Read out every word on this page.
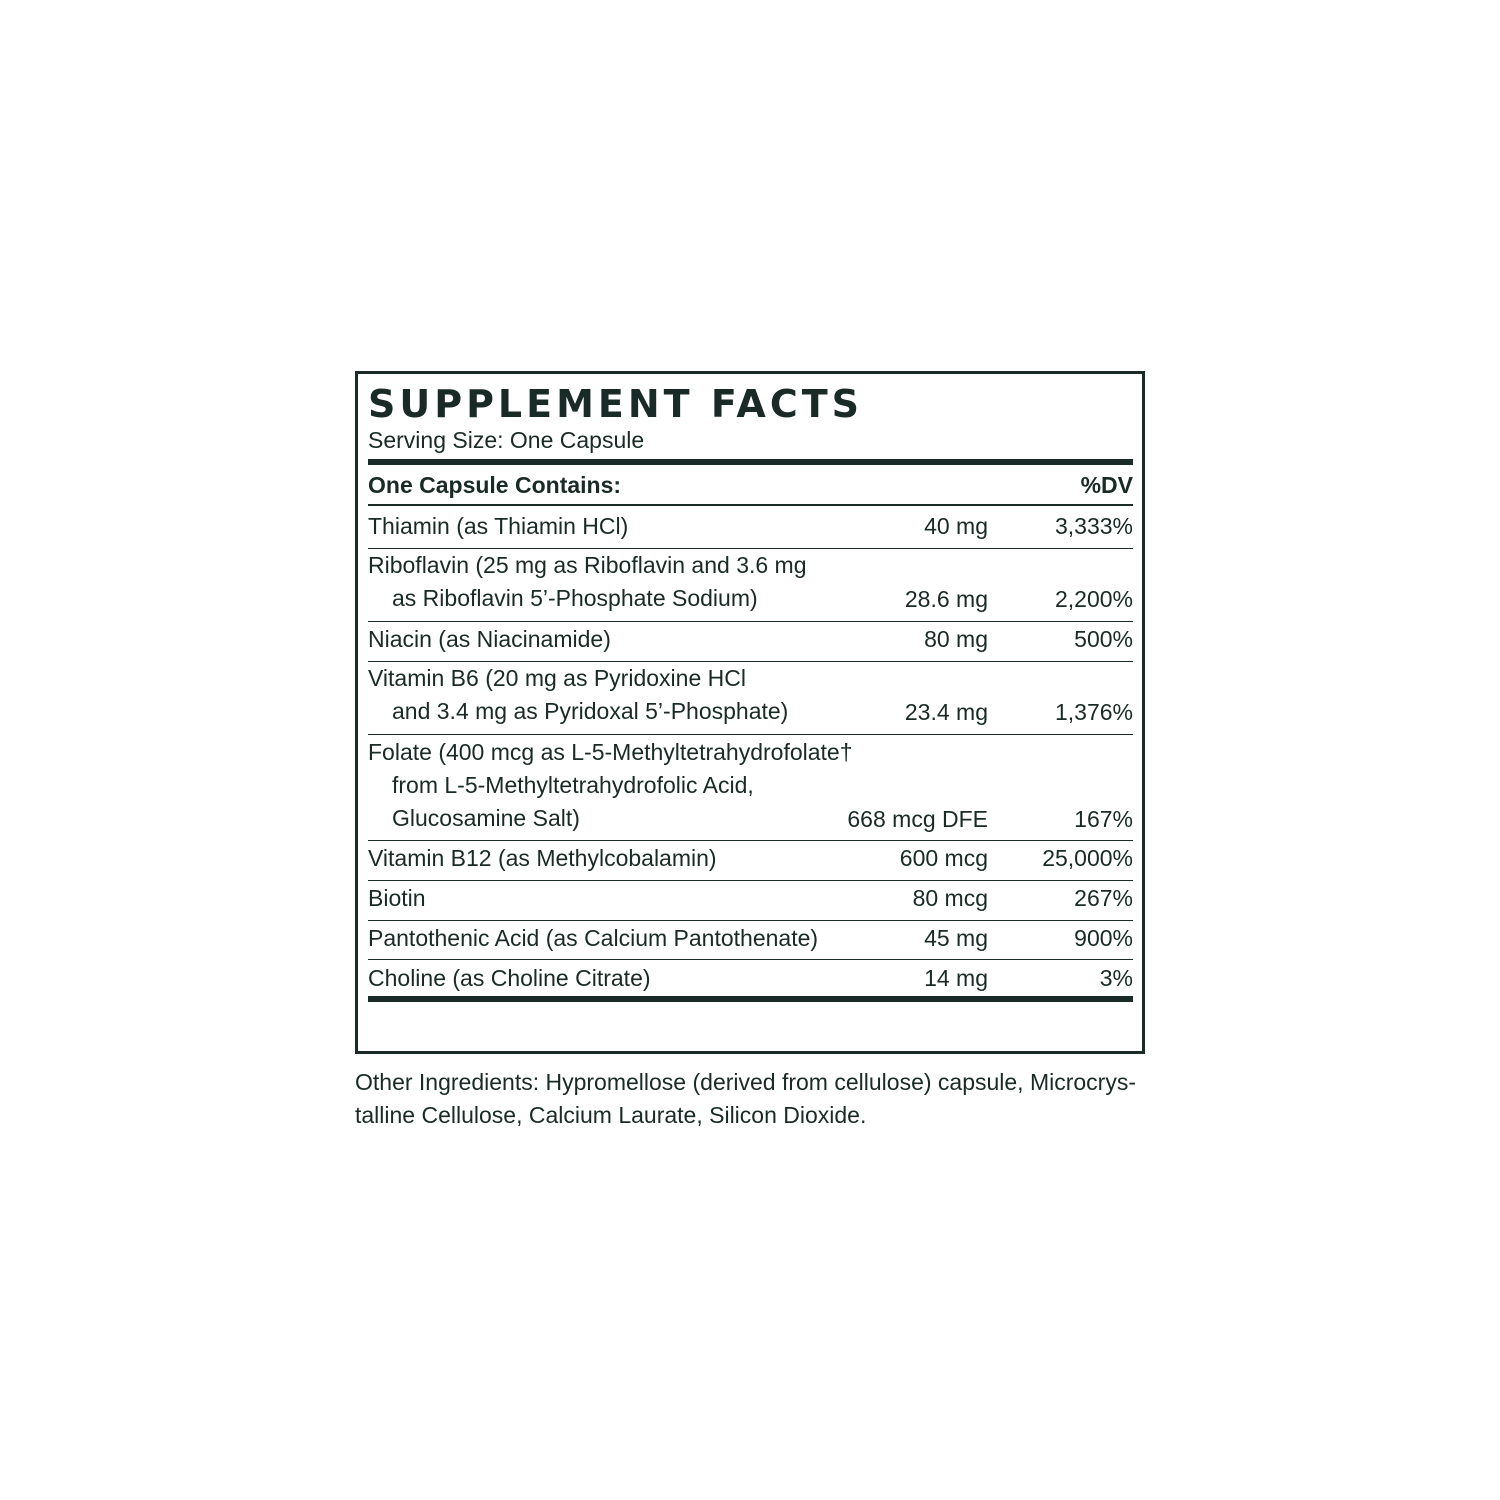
SUPPLEMENT FACTS
Serving Size: One Capsule
One Capsule Contains:	%DV
Thiamin (as Thiamin HCl)	40 mg	3,333%
Riboflavin (25 mg as Riboflavin and 3.6 mg
as Riboflavin 5’-Phosphate Sodium)	28.6 mg	2,200%
Niacin (as Niacinamide)	80 mg	500%
Vitamin B6 (20 mg as Pyridoxine HCl
and 3.4 mg as Pyridoxal 5’-Phosphate)	23.4 mg	1,376%
Folate (400 mcg as L-5-Methyltetrahydrofolate†
from L-5-Methyltetrahydrofolic Acid,
Glucosamine Salt)	668 mcg DFE	167%
Vitamin B12 (as Methylcobalamin)	600 mcg 25,000%
Biotin	80 mcg	267%
Pantothenic Acid (as Calcium Pantothenate)	45 mg	900%
Choline (as Choline Citrate)	14 mg	3%
Other Ingredients: Hypromellose (derived from cellulose) capsule, Microcrys-
talline Cellulose, Calcium Laurate, Silicon Dioxide.
